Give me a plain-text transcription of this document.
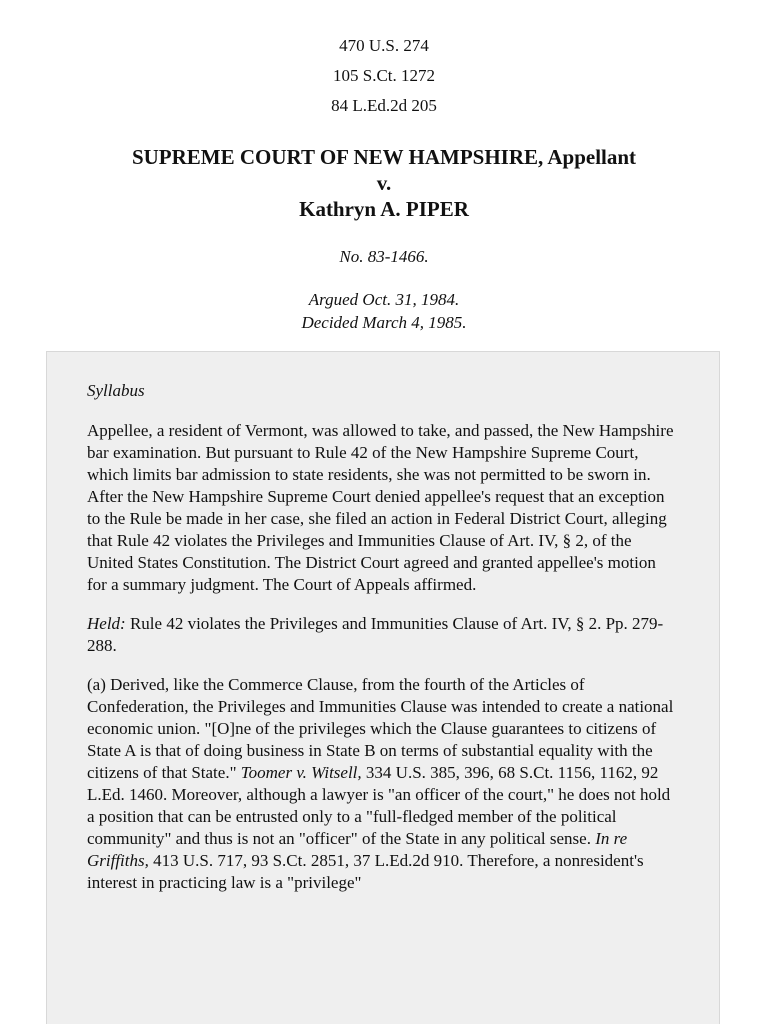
470 U.S. 274
105 S.Ct. 1272
84 L.Ed.2d 205
SUPREME COURT OF NEW HAMPSHIRE, Appellant
v.
Kathryn A. PIPER
No. 83-1466.
Argued Oct. 31, 1984.
Decided March 4, 1985.

Syllabus

Appellee, a resident of Vermont, was allowed to take, and passed, the New Hampshire bar examination. But pursuant to Rule 42 of the New Hampshire Supreme Court, which limits bar admission to state residents, she was not permitted to be sworn in. After the New Hampshire Supreme Court denied appellee's request that an exception to the Rule be made in her case, she filed an action in Federal District Court, alleging that Rule 42 violates the Privileges and Immunities Clause of Art. IV, § 2, of the United States Constitution. The District Court agreed and granted appellee's motion for a summary judgment. The Court of Appeals affirmed.

Held: Rule 42 violates the Privileges and Immunities Clause of Art. IV, § 2. Pp. 279-288.

(a) Derived, like the Commerce Clause, from the fourth of the Articles of Confederation, the Privileges and Immunities Clause was intended to create a national economic union. "[O]ne of the privileges which the Clause guarantees to citizens of State A is that of doing business in State B on terms of substantial equality with the citizens of that State." Toomer v. Witsell, 334 U.S. 385, 396, 68 S.Ct. 1156, 1162, 92 L.Ed. 1460. Moreover, although a lawyer is "an officer of the court," he does not hold a position that can be entrusted only to a "full-fledged member of the political community" and thus is not an "officer" of the State in any political sense. In re Griffiths, 413 U.S. 717, 93 S.Ct. 2851, 37 L.Ed.2d 910. Therefore, a nonresident's interest in practicing law is a "privilege"
